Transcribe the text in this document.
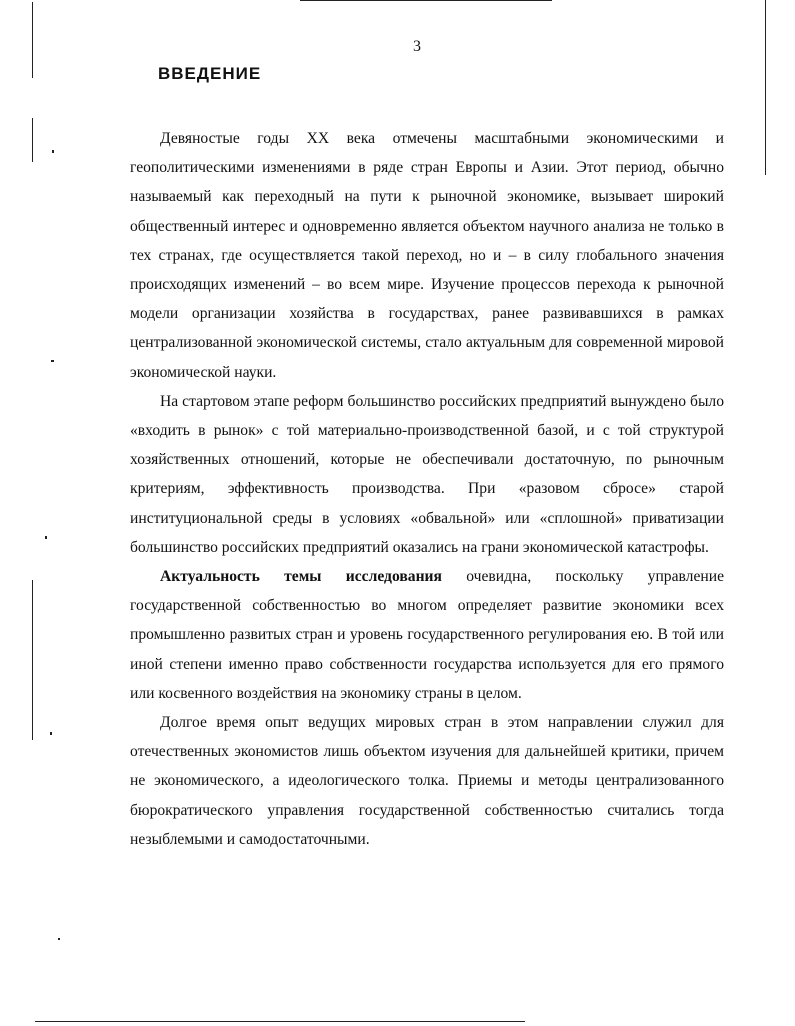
3
ВВЕДЕНИЕ

Девяностые годы XX века отмечены масштабными экономическими и геополитическими изменениями в ряде стран Европы и Азии. Этот период, обычно называемый как переходный на пути к рыночной экономике, вызывает широкий общественный интерес и одновременно является объектом научного анализа не только в тех странах, где осуществляется такой переход, но и – в силу глобального значения происходящих изменений – во всем мире. Изучение процессов перехода к рыночной модели организации хозяйства в государствах, ранее развивавшихся в рамках централизованной экономической системы, стало актуальным для современной мировой экономической науки.

На стартовом этапе реформ большинство российских предприятий вынуждено было «входить в рынок» с той материально-производственной базой, и с той структурой хозяйственных отношений, которые не обеспечивали достаточную, по рыночным критериям, эффективность производства. При «разовом сбросе» старой институциональной среды в условиях «обвальной» или «сплошной» приватизации большинство российских предприятий оказались на грани экономической катастрофы.

Актуальность темы исследования очевидна, поскольку управление государственной собственностью во многом определяет развитие экономики всех промышленно развитых стран и уровень государственного регулирования ею. В той или иной степени именно право собственности государства используется для его прямого или косвенного воздействия на экономику страны в целом.

Долгое время опыт ведущих мировых стран в этом направлении служил для отечественных экономистов лишь объектом изучения для дальнейшей критики, причем не экономического, а идеологического толка. Приемы и методы централизованного бюрократического управления государственной собственностью считались тогда незыблемыми и самодостаточными.
